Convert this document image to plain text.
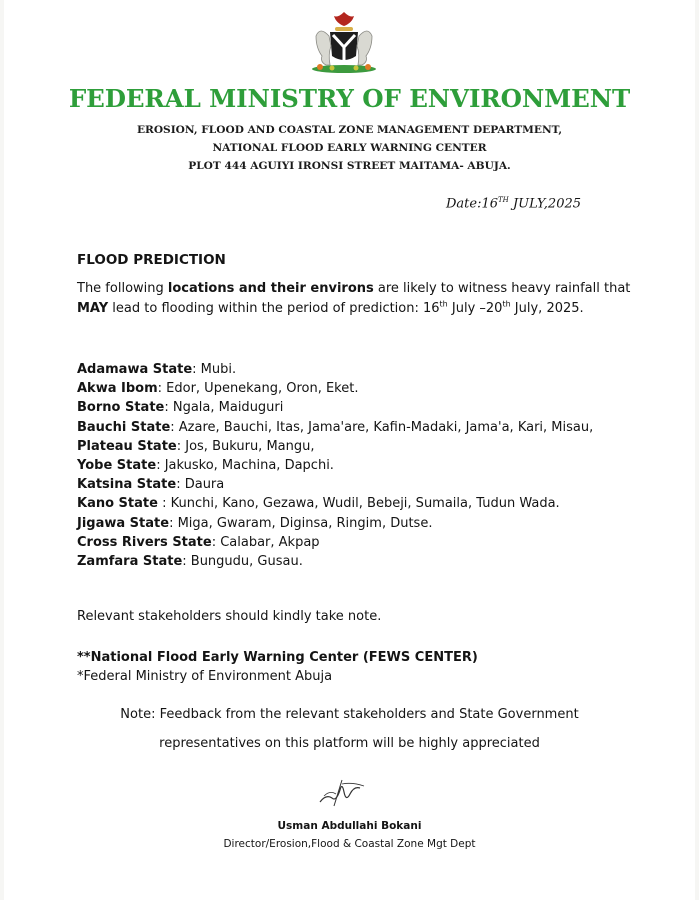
FEDERAL MINISTRY OF ENVIRONMENT
EROSION, FLOOD AND COASTAL ZONE MANAGEMENT DEPARTMENT,
NATIONAL FLOOD EARLY WARNING CENTER
PLOT 444 AGUIYI IRONSI STREET MAITAMA- ABUJA.
Date:16TH JULY,2025
FLOOD PREDICTION
The following locations and their environs are likely to witness heavy rainfall that MAY lead to flooding within the period of prediction: 16th July –20th July, 2025.
Adamawa State: Mubi.
Akwa Ibom: Edor, Upenekang, Oron, Eket.
Borno State: Ngala, Maiduguri
Bauchi State: Azare, Bauchi, Itas, Jama'are, Kafin-Madaki, Jama'a, Kari, Misau,
Plateau State: Jos, Bukuru, Mangu,
Yobe State: Jakusko, Machina, Dapchi.
Katsina State: Daura
Kano State : Kunchi, Kano, Gezawa, Wudil, Bebeji, Sumaila, Tudun Wada.
Jigawa State: Miga, Gwaram, Diginsa, Ringim, Dutse.
Cross Rivers State: Calabar, Akpap
Zamfara State: Bungudu, Gusau.
Relevant stakeholders should kindly take note.
**National Flood Early Warning Center (FEWS CENTER)
*Federal Ministry of Environment Abuja
Note: Feedback from the relevant stakeholders and State Government
representatives on this platform will be highly appreciated
Usman Abdullahi Bokani
Director/Erosion,Flood & Coastal Zone Mgt Dept
